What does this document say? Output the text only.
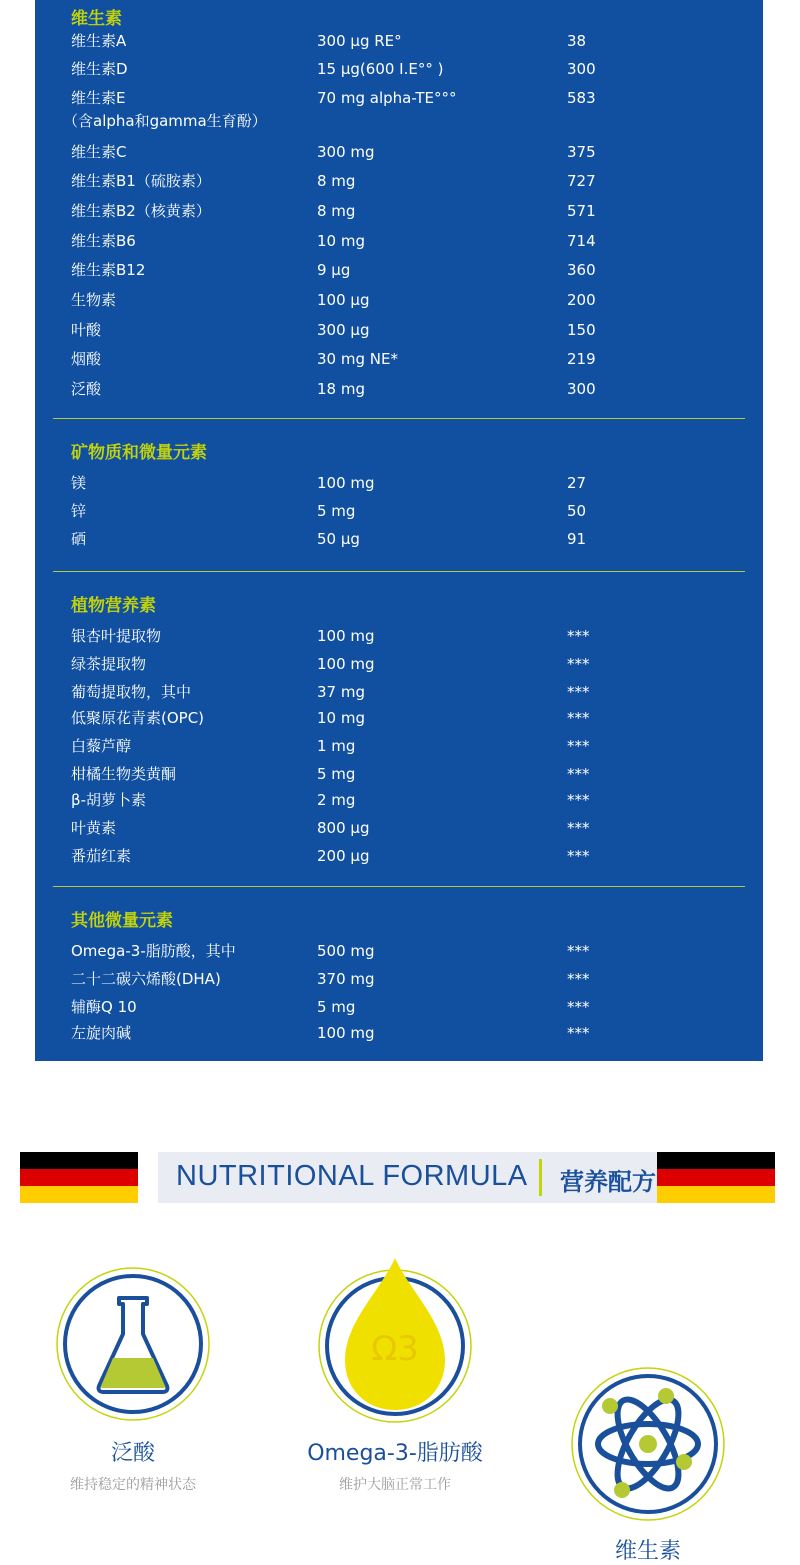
维生素
维生素A	300 µg RE°	38
维生素D	15 µg(600 I.E°° )	300
维生素E	70 mg alpha-TE°°°	583
（含alpha和gamma生育酚）
维生素C	300 mg	375
维生素B1（硫胺素）	8 mg	727
维生素B2（核黄素）	8 mg	571
维生素B6	10 mg	714
维生素B12	9 µg	360
生物素	100 µg	200
叶酸	300 µg	150
烟酸	30 mg NE*	219
泛酸	18 mg	300
矿物质和微量元素
镁	100 mg	27
锌	5 mg	50
硒	50 µg	91
植物营养素
银杏叶提取物	100 mg	***
绿茶提取物	100 mg	***
葡萄提取物，其中	37 mg	***
低聚原花青素(OPC)	10 mg	***
白藜芦醇	1 mg	***
柑橘生物类黄酮	5 mg	***
β-胡萝卜素	2 mg	***
叶黄素	800 µg	***
番茄红素	200 µg	***
其他微量元素
Omega-3-脂肪酸，其中	500 mg	***
二十二碳六烯酸(DHA)	370 mg	***
辅酶Q 10	5 mg	***
左旋肉碱	100 mg	***
NUTRITIONAL FORMULA 营养配方
泛酸
维持稳定的精神状态
Ω3
Omega-3-脂肪酸
维护大脑正常工作
维生素
